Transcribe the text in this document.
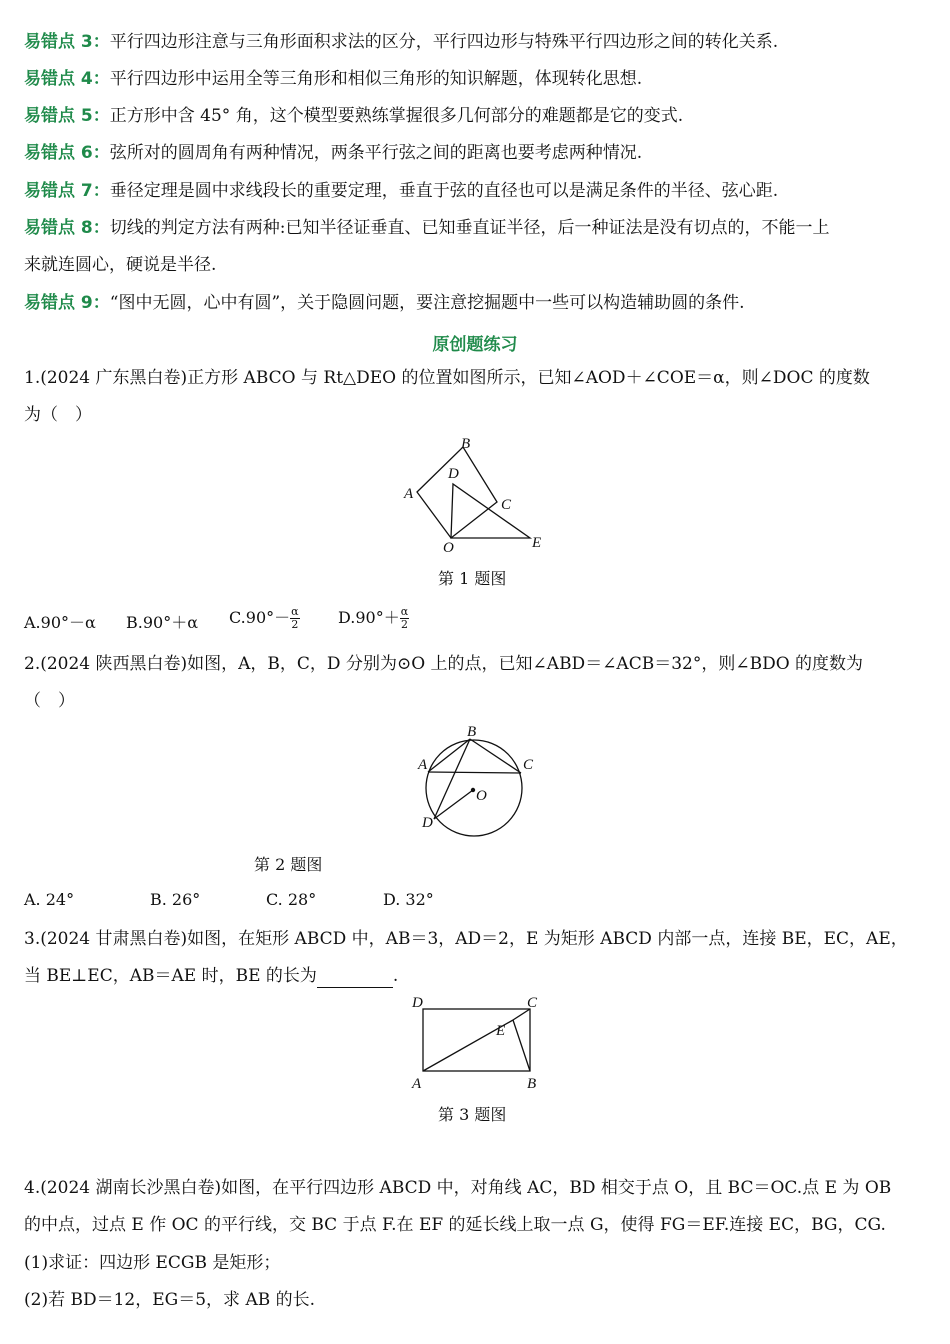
易错点 3：平行四边形注意与三角形面积求法的区分，平行四边形与特殊平行四边形之间的转化关系.
易错点 4：平行四边形中运用全等三角形和相似三角形的知识解题，体现转化思想.
易错点 5：正方形中含 45° 角，这个模型要熟练掌握很多几何部分的难题都是它的变式.
易错点 6：弦所对的圆周角有两种情况，两条平行弦之间的距离也要考虑两种情况.
易错点 7：垂径定理是圆中求线段长的重要定理，垂直于弦的直径也可以是满足条件的半径、弦心距.
易错点 8：切线的判定方法有两种:已知半径证垂直、已知垂直证半径，后一种证法是没有切点的，不能一上
来就连圆心，硬说是半径.
易错点 9：“图中无圆，心中有圆”，关于隐圆问题，要注意挖掘题中一些可以构造辅助圆的条件.
原创题练习
1.(2024 广东黑白卷)正方形 ABCO 与 Rt△DEO 的位置如图所示，已知∠AOD＋∠COE＝α，则∠DOC 的度数
为（　）
B
D
A
C
O	E
第 1 题图
A.90°－α B.90°＋α $C.90^\circ- \frac{\alpha}{2} D.90^\circ+ \frac{\alpha}{2}$
2.(2024 陕西黑白卷)如图，A，B，C，D 分别为⊙O 上的点，已知∠ABD＝∠ACB＝32°，则∠BDO 的度数为
（　）
B
A	C
O
D
第 2 题图
A. 24°	B. 26°	C. 28°	D. 32°
3.(2024 甘肃黑白卷)如图，在矩形 ABCD 中，AB＝3，AD＝2，E 为矩形 ABCD 内部一点，连接 BE，EC，AE，
当 BE⊥EC，AB＝AE 时，BE 的长为	.
D	C
E
A	B
第 3 题图
4.(2024 湖南长沙黑白卷)如图，在平行四边形 ABCD 中，对角线 AC，BD 相交于点 O，且 BC＝OC.点 E 为 OB
的中点，过点 E 作 OC 的平行线，交 BC 于点 F.在 EF 的延长线上取一点 G，使得 FG＝EF.连接 EC，BG，CG.
(1)求证：四边形 ECGB 是矩形；
(2)若 BD＝12，EG＝5，求 AB 的长.
